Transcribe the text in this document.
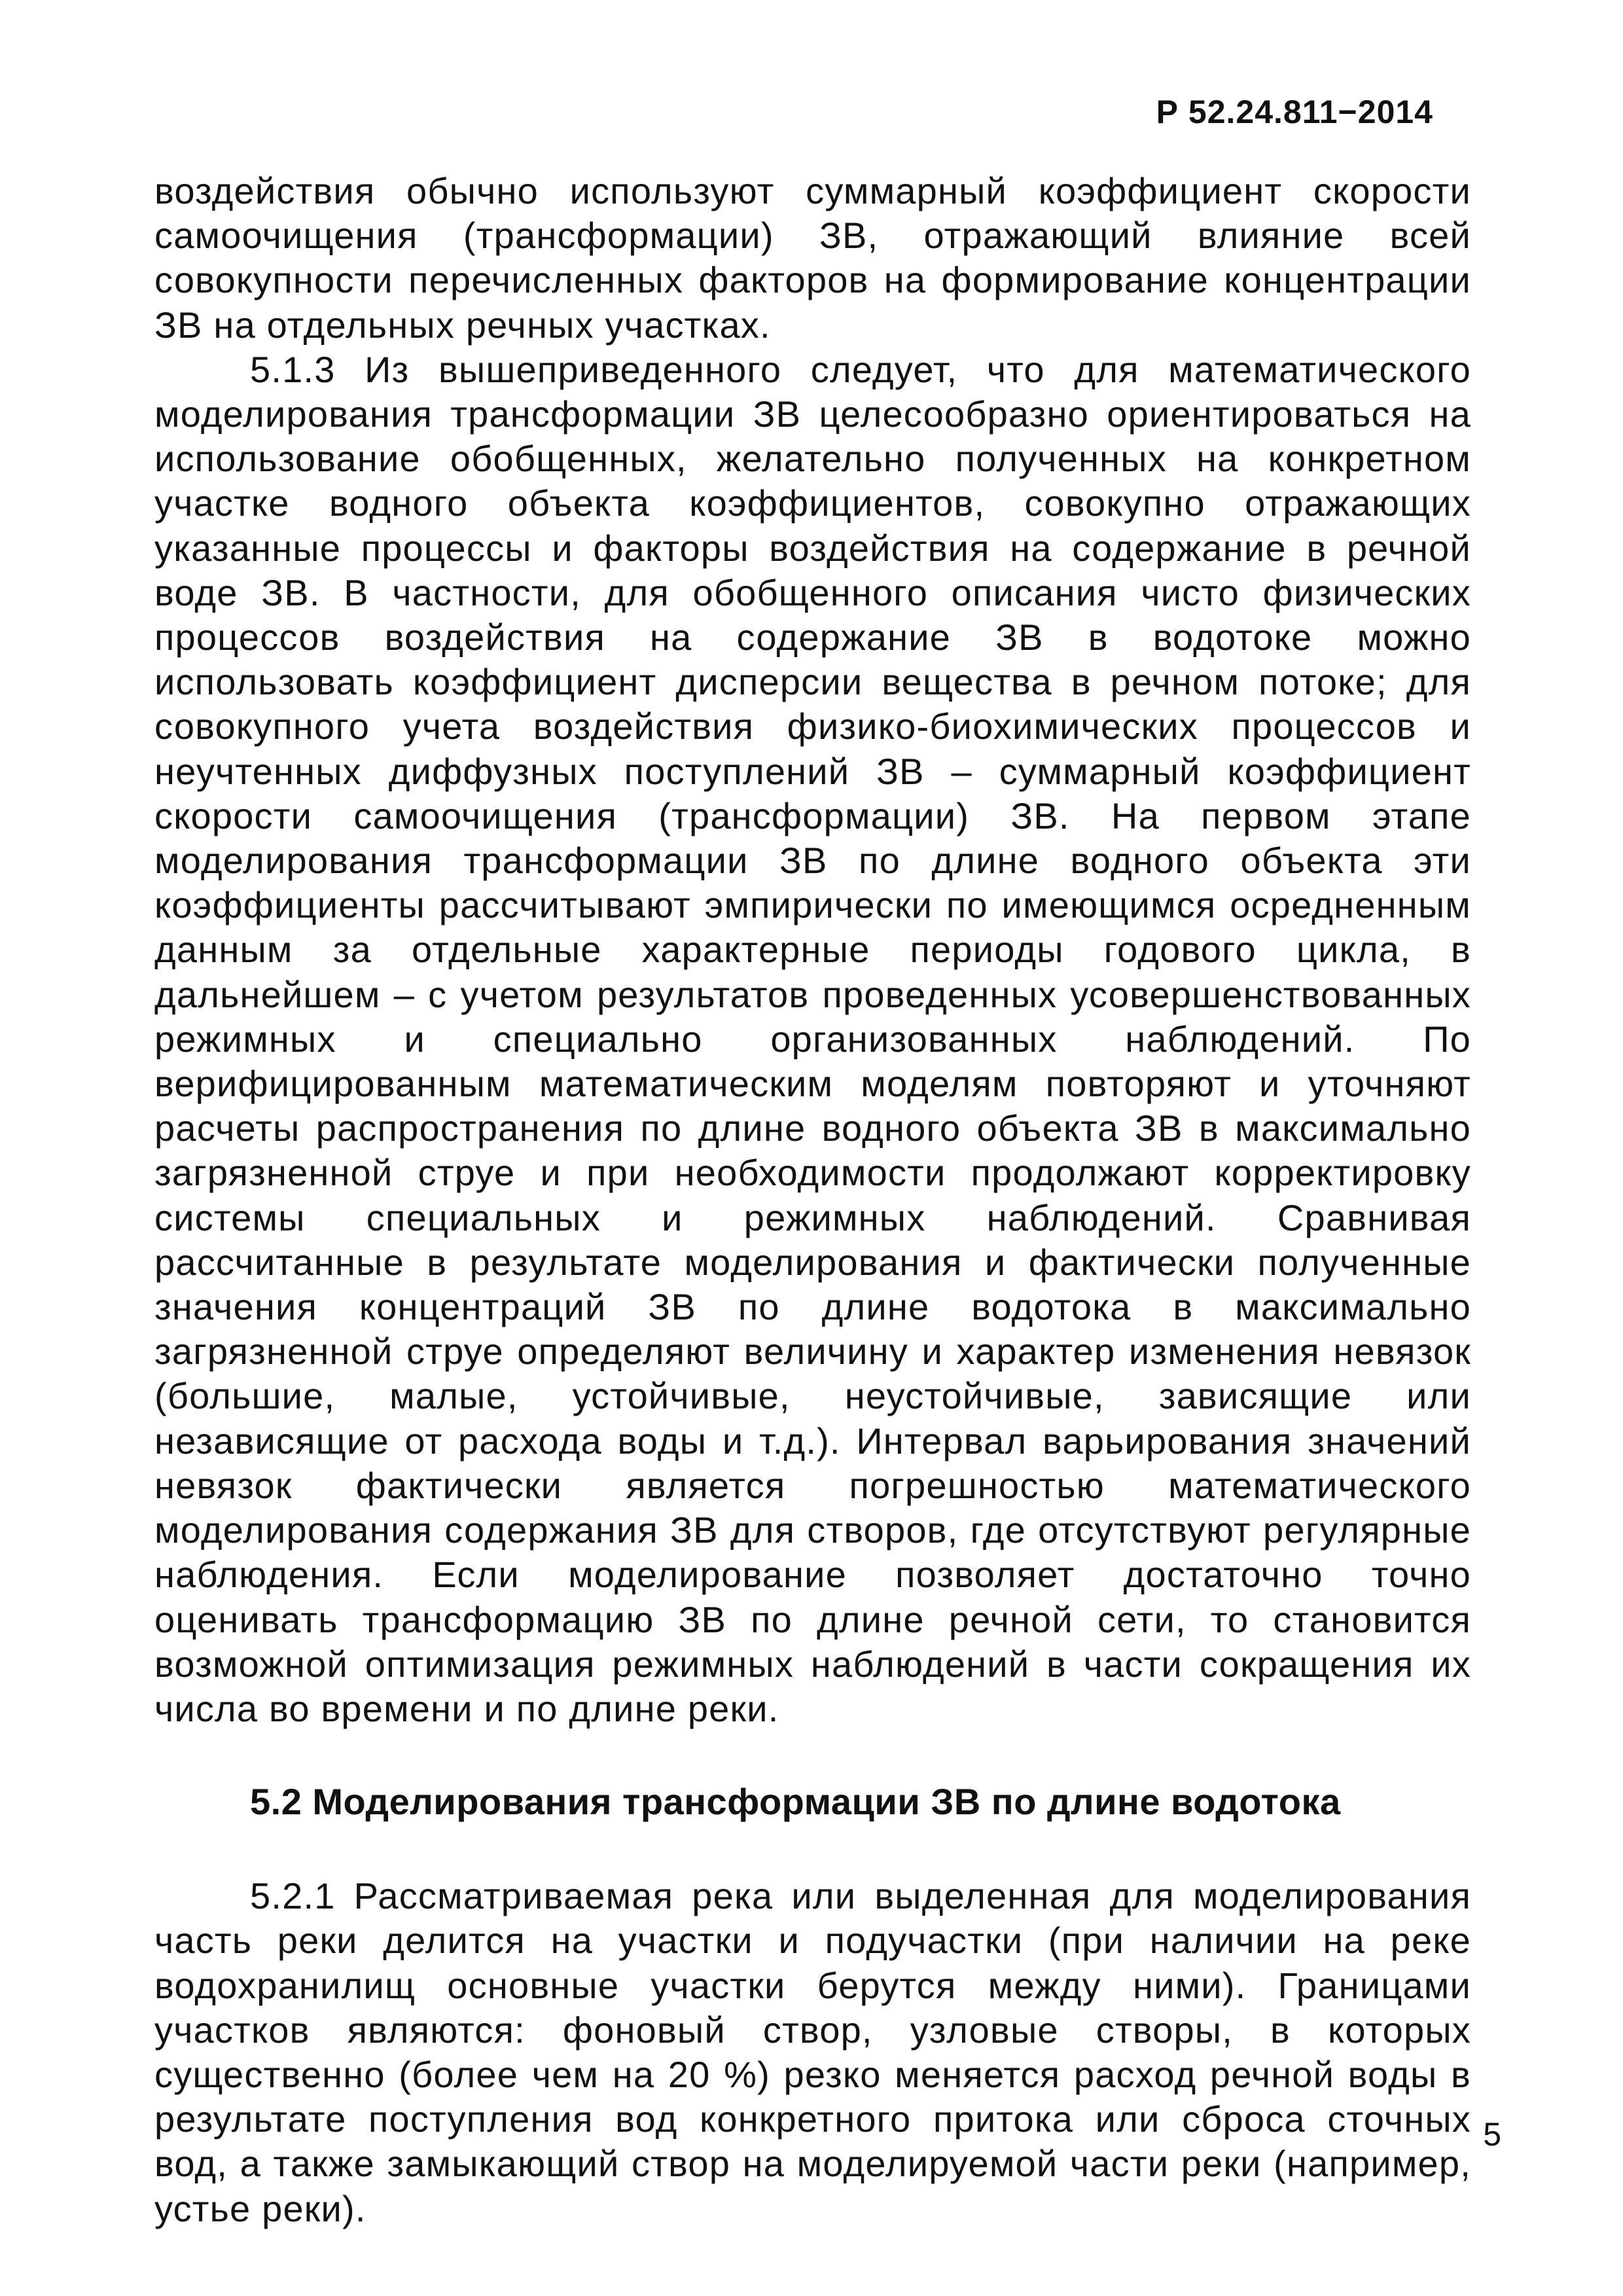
Р 52.24.811−2014

воздействия обычно используют суммарный коэффициент скорости самоочищения (трансформации) ЗВ, отражающий влияние всей совокупности перечисленных факторов на формирование концентрации ЗВ на отдельных речных участках.

5.1.3 Из вышеприведенного следует, что для математического моделирования трансформации ЗВ целесообразно ориентироваться на использование обобщенных, желательно полученных на конкретном участке водного объекта коэффициентов, совокупно отражающих указанные процессы и факторы воздействия на содержание в речной воде ЗВ. В частности, для обобщенного описания чисто физических процессов воздействия на содержание ЗВ в водотоке можно использовать коэффициент дисперсии вещества в речном потоке; для совокупного учета воздействия физико-биохимических процессов и неучтенных диффузных поступлений ЗВ – суммарный коэффициент скорости самоочищения (трансформации) ЗВ. На первом этапе моделирования трансформации ЗВ по длине водного объекта эти коэффициенты рассчитывают эмпирически по имеющимся осредненным данным за отдельные характерные периоды годового цикла, в дальнейшем – с учетом результатов проведенных усовершенствованных режимных и специально организованных наблюдений. По верифицированным математическим моделям повторяют и уточняют расчеты распространения по длине водного объекта ЗВ в максимально загрязненной струе и при необходимости продолжают корректировку системы специальных и режимных наблюдений. Сравнивая рассчитанные в результате моделирования и фактически полученные значения концентраций ЗВ по длине водотока в максимально загрязненной струе определяют величину и характер изменения невязок (большие, малые, устойчивые, неустойчивые, зависящие или независящие от расхода воды и т.д.). Интервал варьирования значений невязок фактически является погрешностью математического моделирования содержания ЗВ для створов, где отсутствуют регулярные наблюдения. Если моделирование позволяет достаточно точно оценивать трансформацию ЗВ по длине речной сети, то становится возможной оптимизация режимных наблюдений в части сокращения их числа во времени и по длине реки.

5.2 Моделирования трансформации ЗВ по длине водотока

5.2.1 Рассматриваемая река или выделенная для моделирования часть реки делится на участки и подучастки (при наличии на реке водохранилищ основные участки берутся между ними). Границами участков являются: фоновый створ, узловые створы, в которых существенно (более чем на 20 %) резко меняется расход речной воды в результате поступления вод конкретного притока или сброса сточных вод, а также замыкающий створ на моделируемой части реки (например, устье реки).

5
